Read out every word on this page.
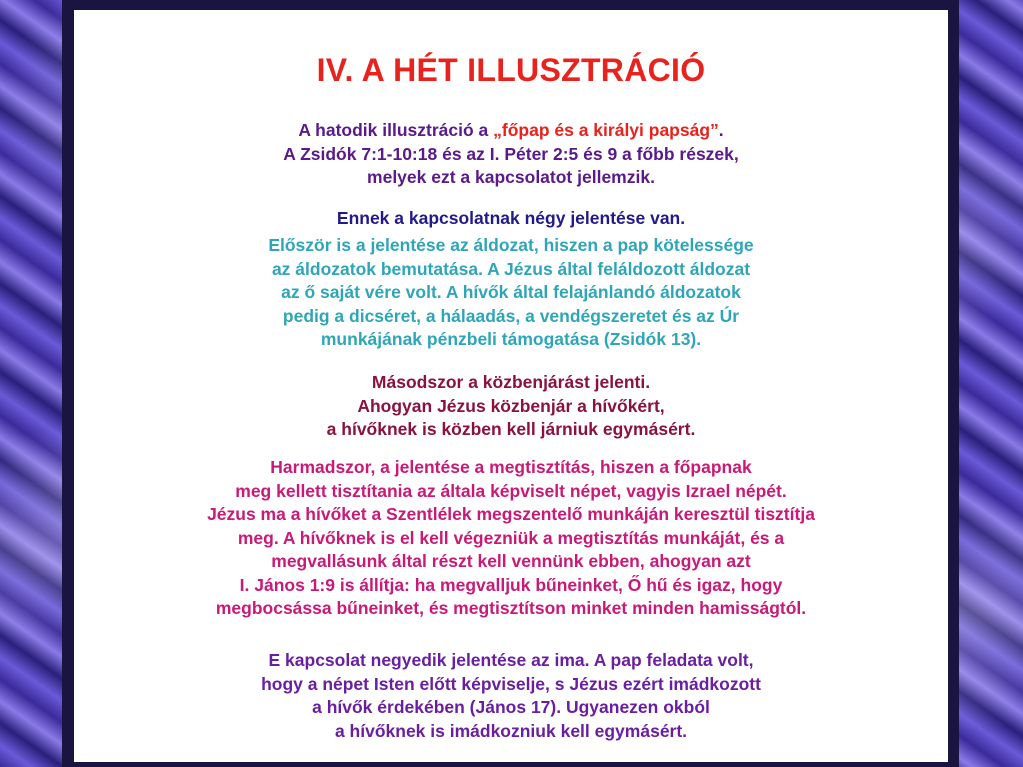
IV. A HÉT ILLUSZTRÁCIÓ
A hatodik illusztráció a „főpap és a királyi papság”.
A Zsidók 7:1-10:18 és az I. Péter 2:5 és 9 a főbb részek,
melyek ezt a kapcsolatot jellemzik.
Ennek a kapcsolatnak négy jelentése van.
Először is a jelentése az áldozat, hiszen a pap kötelessége
az áldozatok bemutatása. A Jézus által feláldozott áldozat
az ő saját vére volt. A hívők által felajánlandó áldozatok
pedig a dicséret, a hálaadás, a vendégszeretet és az Úr
munkájának pénzbeli támogatása (Zsidók 13).
Másodszor a közbenjárást jelenti.
Ahogyan Jézus közbenjár a hívőkért,
a hívőknek is közben kell járniuk egymásért.
Harmadszor, a jelentése a megtisztítás, hiszen a főpapnak
meg kellett tisztítania az általa képviselt népet, vagyis Izrael népét.
Jézus ma a hívőket a Szentlélek megszentelő munkáján keresztül tisztítja
meg. A hívőknek is el kell végezniük a megtisztítás munkáját, és a
megvallásunk által részt kell vennünk ebben, ahogyan azt
I. János 1:9 is állítja: ha megvalljuk bűneinket, Ő hű és igaz, hogy
megbocsássa bűneinket, és megtisztítson minket minden hamisságtól.
E kapcsolat negyedik jelentése az ima. A pap feladata volt,
hogy a népet Isten előtt képviselje, s Jézus ezért imádkozott
a hívők érdekében (János 17). Ugyanezen okból
a hívőknek is imádkozniuk kell egymásért.
